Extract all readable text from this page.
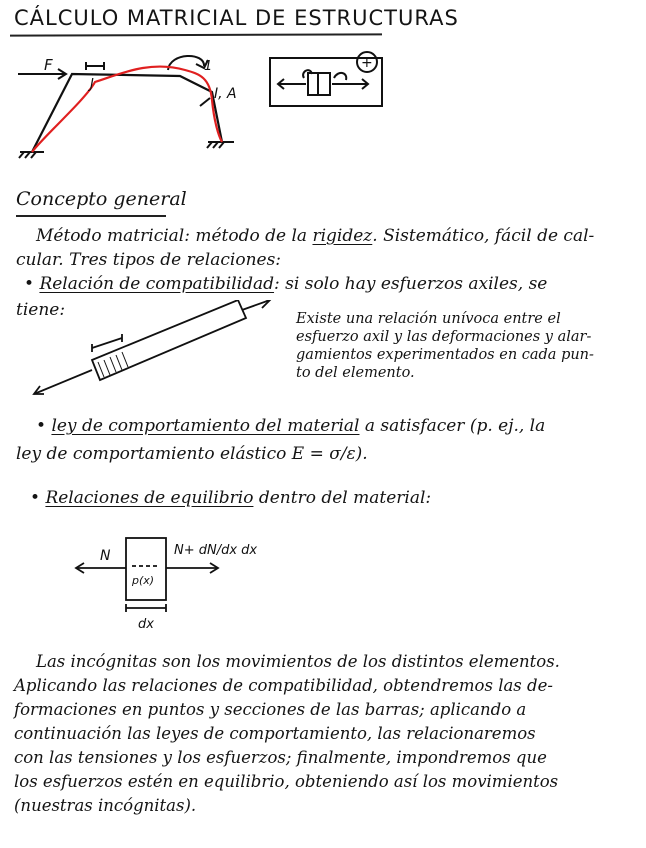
CÁLCULO MATRICIAL DE ESTRUCTURAS
F
I, A
1
J
+
Concepto general
Método matricial: método de la rigidez. Sistemático, fácil de cal-
cular. Tres tipos de relaciones:
• Relación de compatibilidad: si solo hay esfuerzos axiles, se
tiene:	Existe una relación unívoca entre el
esfuerzo axil y las deformaciones y alar-
gamientos experimentados en cada pun-
to del elemento.
• ley de comportamiento del material a satisfacer (p. ej., la
ley de comportamiento elástico E = σ/ε).
• Relaciones de equilibrio dentro del material:
N	N+ dN/dx dx
p(x)
dx
Las incógnitas son los movimientos de los distintos elementos.
Aplicando las relaciones de compatibilidad, obtendremos las de-
formaciones en puntos y secciones de las barras; aplicando a
continuación las leyes de comportamiento, las relacionaremos
con las tensiones y los esfuerzos; finalmente, impondremos que
los esfuerzos estén en equilibrio, obteniendo así los movimientos
(nuestras incógnitas).
